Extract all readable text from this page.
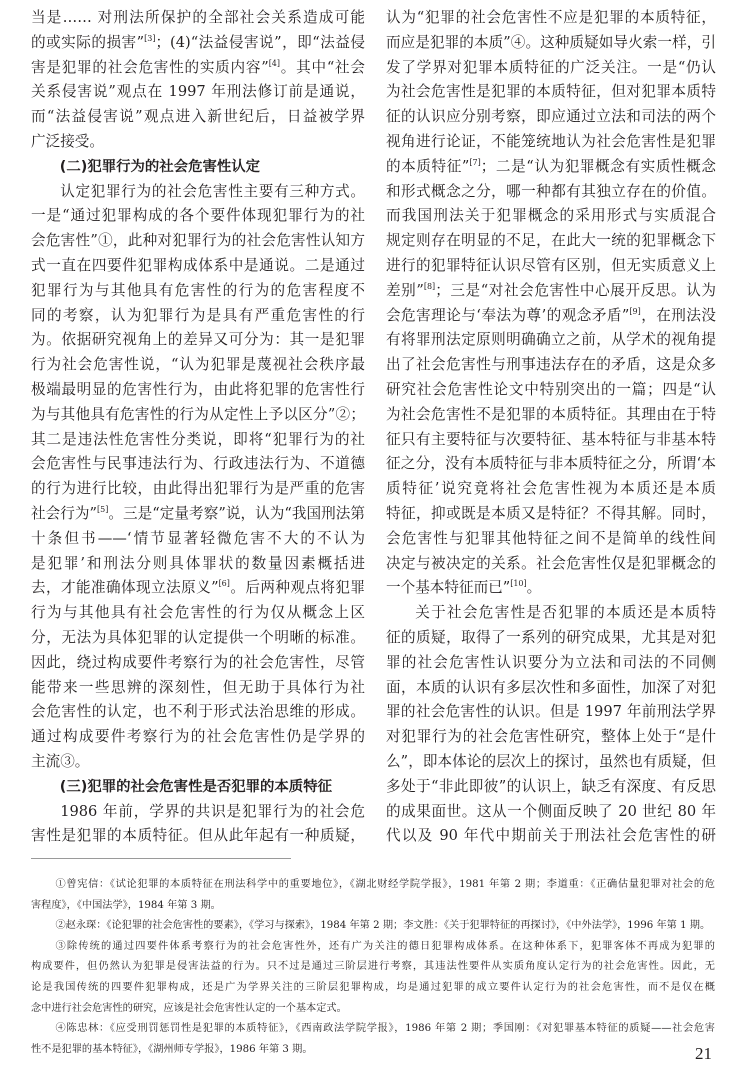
当是…… 对刑法所保护的全部社会关系造成可能
的或实际的损害”[3]；(4)“法益侵害说”，即“法益侵
害是犯罪的社会危害性的实质内容”[4]。其中“社会
关系侵害说”观点在 1997 年刑法修订前是通说，
而“法益侵害说”观点进入新世纪后，日益被学界
广泛接受。
(二)犯罪行为的社会危害性认定
认定犯罪行为的社会危害性主要有三种方式。
一是“通过犯罪构成的各个要件体现犯罪行为的社
会危害性”①，此种对犯罪行为的社会危害性认知方
式一直在四要件犯罪构成体系中是通说。二是通过
犯罪行为与其他具有危害性的行为的危害程度不
同的考察，认为犯罪行为是具有严重危害性的行
为。依据研究视角上的差异又可分为：其一是犯罪
行为社会危害性说，“认为犯罪是蔑视社会秩序最
极端最明显的危害性行为，由此将犯罪的危害性行
为与其他具有危害性的行为从定性上予以区分”②；
其二是违法性危害性分类说，即将“犯罪行为的社
会危害性与民事违法行为、行政违法行为、不道德
的行为进行比较，由此得出犯罪行为是严重的危害
社会行为”[5]。三是“定量考察”说，认为“我国刑法第
十条但书——‘情节显著轻微危害不大的不认为
是犯罪’和刑法分则具体罪状的数量因素概括进
去，才能准确体现立法原义”[6]。后两种观点将犯罪
行为与其他具有社会危害性的行为仅从概念上区
分，无法为具体犯罪的认定提供一个明晰的标准。
因此，绕过构成要件考察行为的社会危害性，尽管
能带来一些思辨的深刻性，但无助于具体行为社
会危害性的认定，也不利于形式法治思维的形成。
通过构成要件考察行为的社会危害性仍是学界的
主流③。
(三)犯罪的社会危害性是否犯罪的本质特征
1986 年前，学界的共识是犯罪行为的社会危
害性是犯罪的本质特征。但从此年起有一种质疑，
认为“犯罪的社会危害性不应是犯罪的本质特征，
而应是犯罪的本质”④。这种质疑如导火索一样，引
发了学界对犯罪本质特征的广泛关注。一是“仍认
为社会危害性是犯罪的本质特征，但对犯罪本质特
征的认识应分别考察，即应通过立法和司法的两个
视角进行论证，不能笼统地认为社会危害性是犯罪
的本质特征”[7]；二是“认为犯罪概念有实质性概念
和形式概念之分，哪一种都有其独立存在的价值。
而我国刑法关于犯罪概念的采用形式与实质混合
规定则存在明显的不足，在此大一统的犯罪概念下
进行的犯罪特征认识尽管有区别，但无实质意义上
差别”[8]；三是“对社会危害性中心展开反思。认为
会危害理论与‘奉法为尊’的观念矛盾”[9]，在刑法没
有将罪刑法定原则明确确立之前，从学术的视角提
出了社会危害性与刑事违法存在的矛盾，这是众多
研究社会危害性论文中特别突出的一篇；四是“认
为社会危害性不是犯罪的本质特征。其理由在于特
征只有主要特征与次要特征、基本特征与非基本特
征之分，没有本质特征与非本质特征之分，所谓‘本
质特征’说究竟将社会危害性视为本质还是本质
特征，抑或既是本质又是特征？不得其解。同时，
会危害性与犯罪其他特征之间不是简单的线性间
决定与被决定的关系。社会危害性仅是犯罪概念的
一个基本特征而已”[10]。
关于社会危害性是否犯罪的本质还是本质特
征的质疑，取得了一系列的研究成果，尤其是对犯
罪的社会危害性认识要分为立法和司法的不同侧
面，本质的认识有多层次性和多面性，加深了对犯
罪的社会危害性的认识。但是 1997 年前刑法学界
对犯罪行为的社会危害性研究，整体上处于“是什
么”，即本体论的层次上的探讨，虽然也有质疑，但
多处于“非此即彼”的认识上，缺乏有深度、有反思
的成果面世。这从一个侧面反映了 20 世纪 80 年
代以及 90 年代中期前关于刑法社会危害性的研
①曾宪信：《试论犯罪的本质特征在刑法科学中的重要地位》，《湖北财经学院学报》，1981 年第 2 期；李道重：《正确估量犯罪对社会的危
害程度》，《中国法学》，1984 年第 3 期。
②赵永琛：《论犯罪的社会危害性的要素》，《学习与探索》，1984 年第 2 期；李文胜：《关于犯罪特征的再探讨》，《中外法学》，1996 年第 1 期。
③除传统的通过四要件体系考察行为的社会危害性外，还有广为关注的德日犯罪构成体系。在这种体系下，犯罪客体不再成为犯罪的
构成要件，但仍然认为犯罪是侵害法益的行为。只不过是通过三阶层进行考察，其违法性要件从实质角度认定行为的社会危害性。因此，无
论是我国传统的四要件犯罪构成，还是广为学界关注的三阶层犯罪构成，均是通过犯罪的成立要件认定行为的社会危害性，而不是仅在概
念中进行社会危害性的研究，应该是社会危害性认定的一个基本定式。
④陈忠林：《应受刑罚惩罚性是犯罪的本质特征》，《西南政法学院学报》，1986 年第 2 期；季国刚：《对犯罪基本特征的质疑——社会危害
性不是犯罪的基本特征》，《湖州师专学报》，1986 年第 3 期。	21
